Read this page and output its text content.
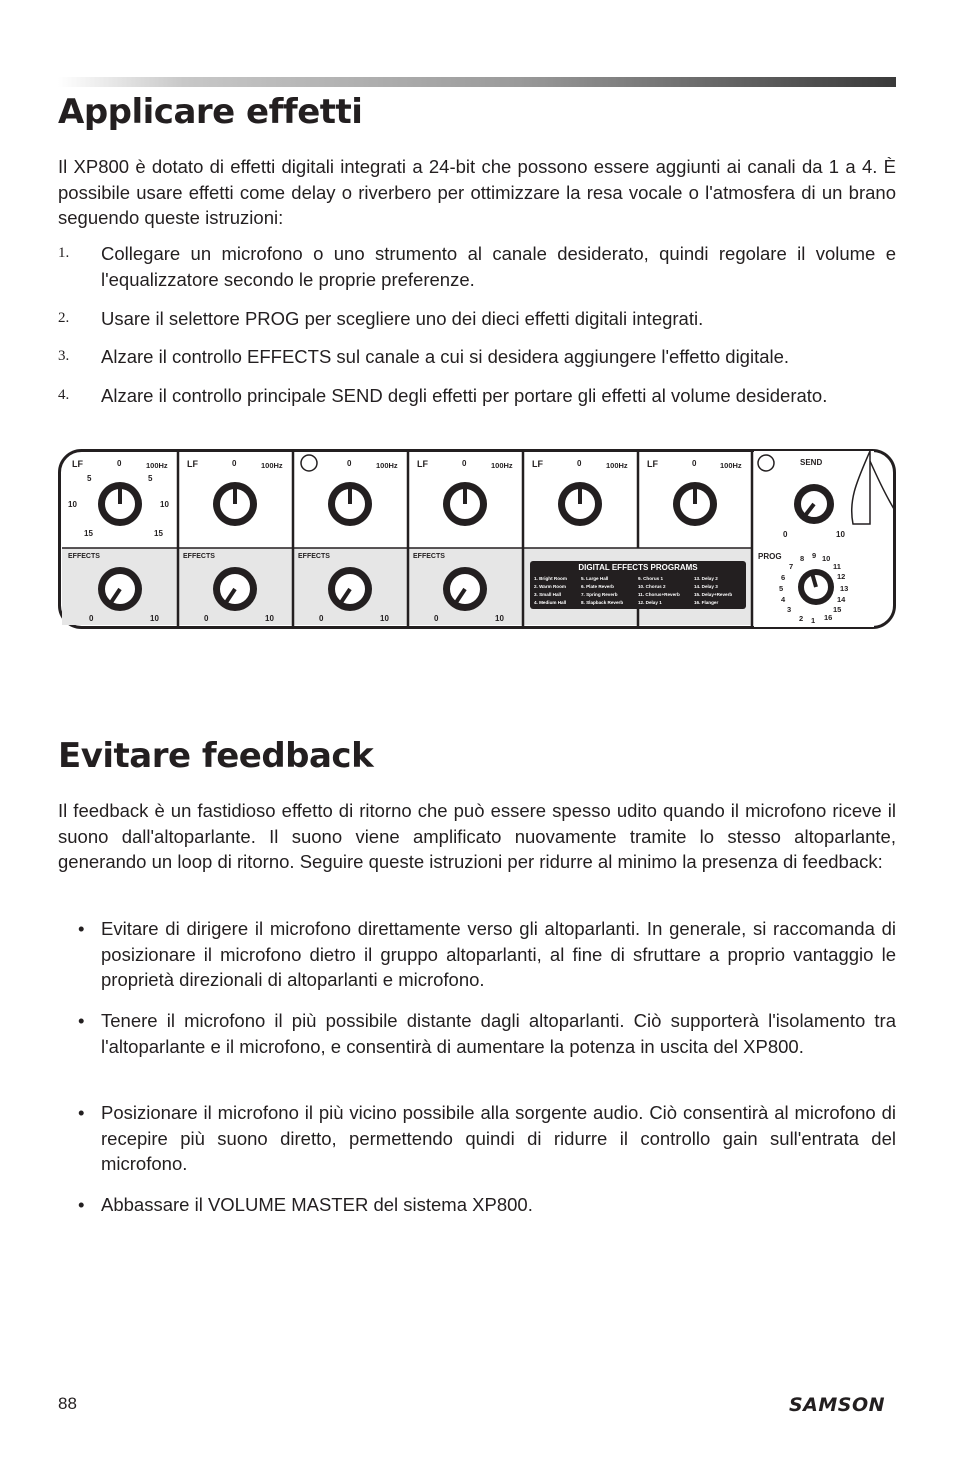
Applicare effetti

Il XP800 è dotato di effetti digitali integrati a 24-bit che possono essere aggiunti ai canali da 1 a 4. È possibile usare effetti come delay o riverbero per ottimizzare la resa vocale o l'atmosfera di un brano seguendo queste istruzioni:

1. Collegare un microfono o uno strumento al canale desiderato, quindi regolare il volume e l'equalizzatore secondo le proprie preferenze.
2. Usare il selettore PROG per scegliere uno dei dieci effetti digitali integrati.
3. Alzare il controllo EFFECTS sul canale a cui si desidera aggiungere l'effetto digitale.
4. Alzare il controllo principale SEND degli effetti per portare gli effetti al volume desiderato.
LF	100Hz
0
5	5
10	10
15	15
EFFECTS
0	10
LF	100Hz
0
EFFECTS
0	10
100Hz
0
EFFECTS
0	10
LF	100Hz
0
EFFECTS
0	10
LF	100Hz
0	LF	100Hz
0
DIGITAL EFFECTS PROGRAMS
1. Bright Room	5. Large Hall	9. Chorus 1	13. Delay 2
2. Warm Room	6. Plate Reverb	10. Chorus 2	14. Delay 3
3. Small Hall	7. Spring Reverb	11. Chorus+Reverb	15. Delay+Reverb
4. Medium Hall	8. Slapback Reverb	12. Delay 1	16. Flanger
SEND
0	10
PROG
2 1 16
3
4
5
6
7
8 9 10
11
12
13
14
15
Evitare feedback

Il feedback è un fastidioso effetto di ritorno che può essere spesso udito quando il microfono riceve il suono dall'altoparlante. Il suono viene amplificato nuovamente tramite lo stesso altoparlante, generando un loop di ritorno. Seguire queste istruzioni per ridurre al minimo la presenza di feedback:

• Evitare di dirigere il microfono direttamente verso gli altoparlanti. In generale, si raccomanda di posizionare il microfono dietro il gruppo altoparlanti, al fine di sfruttare a proprio vantaggio le proprietà direzionali di altoparlanti e microfono.
• Tenere il microfono il più possibile distante dagli altoparlanti. Ciò supporterà l'isolamento tra l'altoparlante e il microfono, e consentirà di aumentare la potenza in uscita del XP800.
• Posizionare il microfono il più vicino possibile alla sorgente audio. Ciò consentirà al microfono di recepire più suono diretto, permettendo quindi di ridurre il controllo gain sull'entrata del microfono.
• Abbassare il VOLUME MASTER del sistema XP800.
88	SAMSON
